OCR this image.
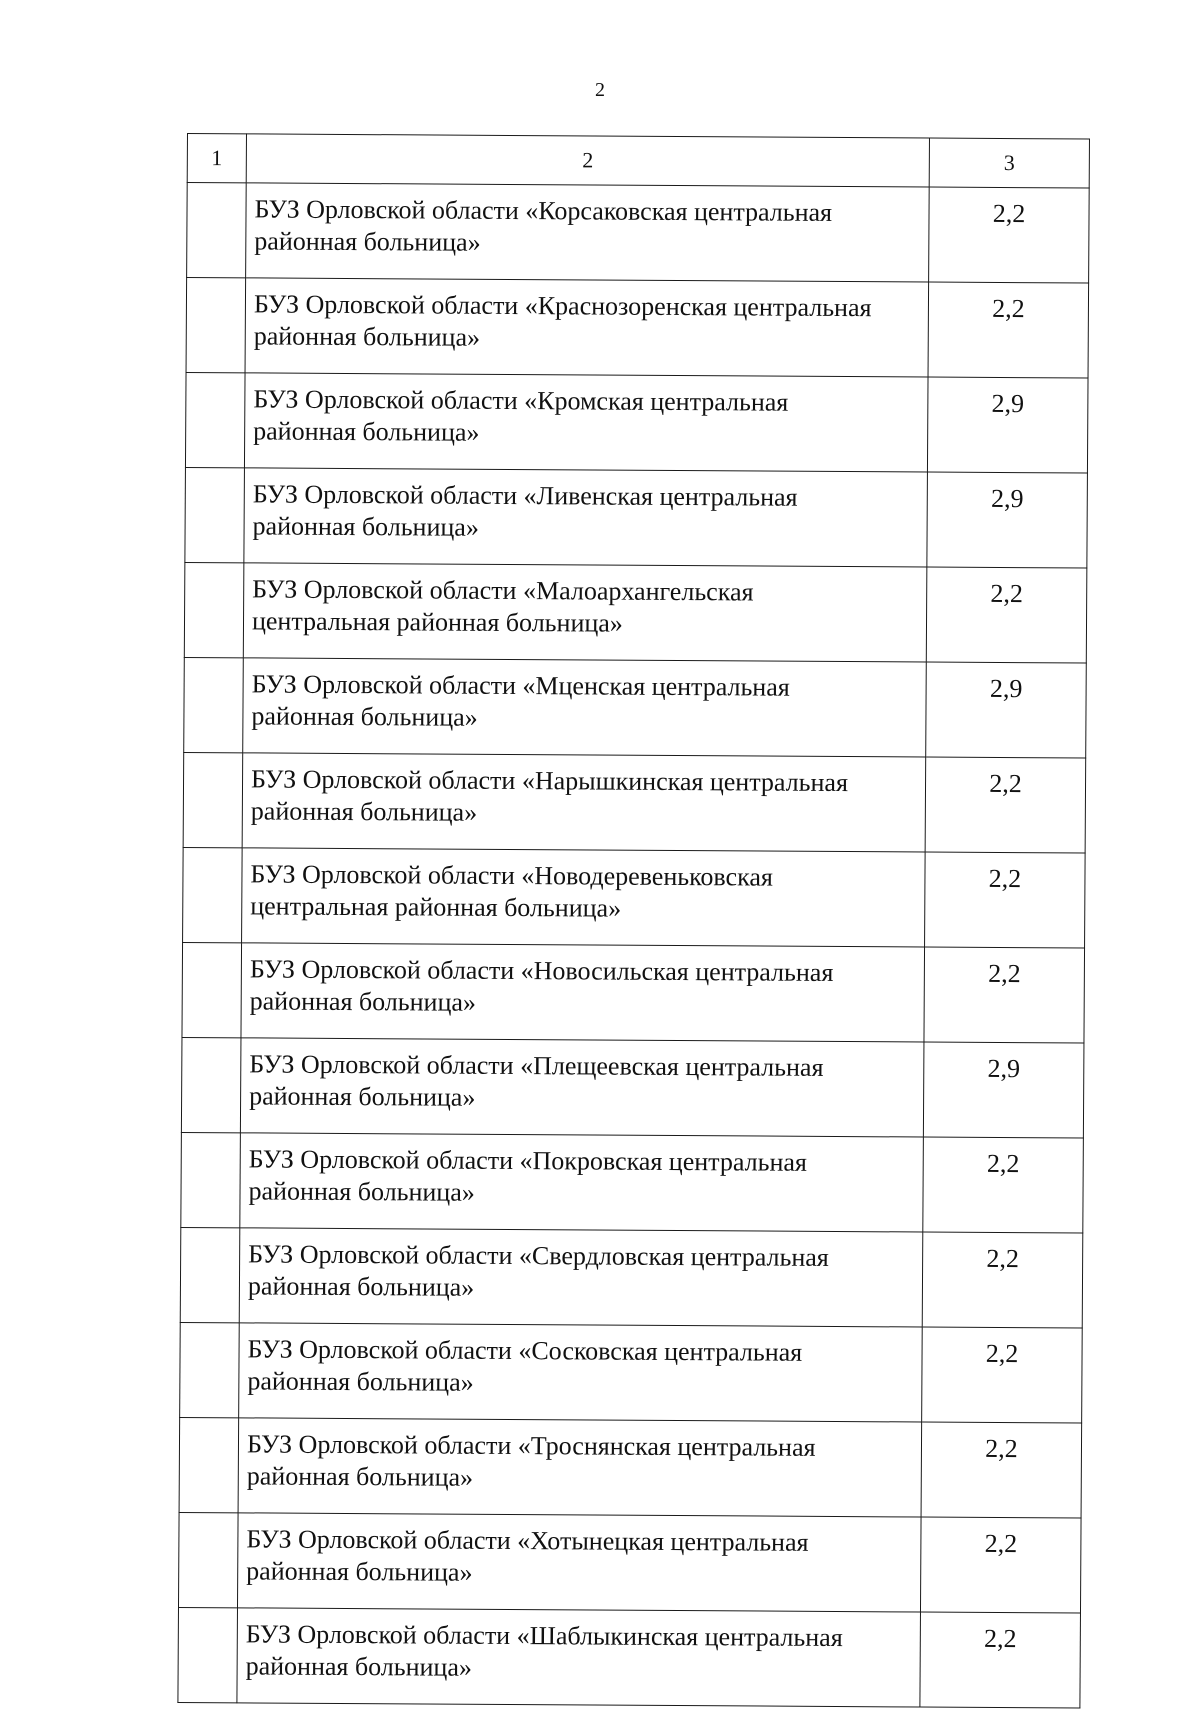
2
1	2	3
	БУЗ Орловской области «Корсаковская центральная
районная больница»	2,2
	БУЗ Орловской области «Краснозоренская центральная
районная больница»	2,2
	БУЗ Орловской области «Кромская центральная
районная больница»	2,9
	БУЗ Орловской области «Ливенская центральная
районная больница»	2,9
	БУЗ Орловской области «Малоархангельская
центральная районная больница»	2,2
	БУЗ Орловской области «Мценская центральная
районная больница»	2,9
	БУЗ Орловской области «Нарышкинская центральная
районная больница»	2,2
	БУЗ Орловской области «Новодеревеньковская
центральная районная больница»	2,2
	БУЗ Орловской области «Новосильская центральная
районная больница»	2,2
	БУЗ Орловской области «Плещеевская центральная
районная больница»	2,9
	БУЗ Орловской области «Покровская центральная
районная больница»	2,2
	БУЗ Орловской области «Свердловская центральная
районная больница»	2,2
	БУЗ Орловской области «Сосковская центральная
районная больница»	2,2
	БУЗ Орловской области «Троснянская центральная
районная больница»	2,2
	БУЗ Орловской области «Хотынецкая центральная
районная больница»	2,2
	БУЗ Орловской области «Шаблыкинская центральная
районная больница»	2,2
